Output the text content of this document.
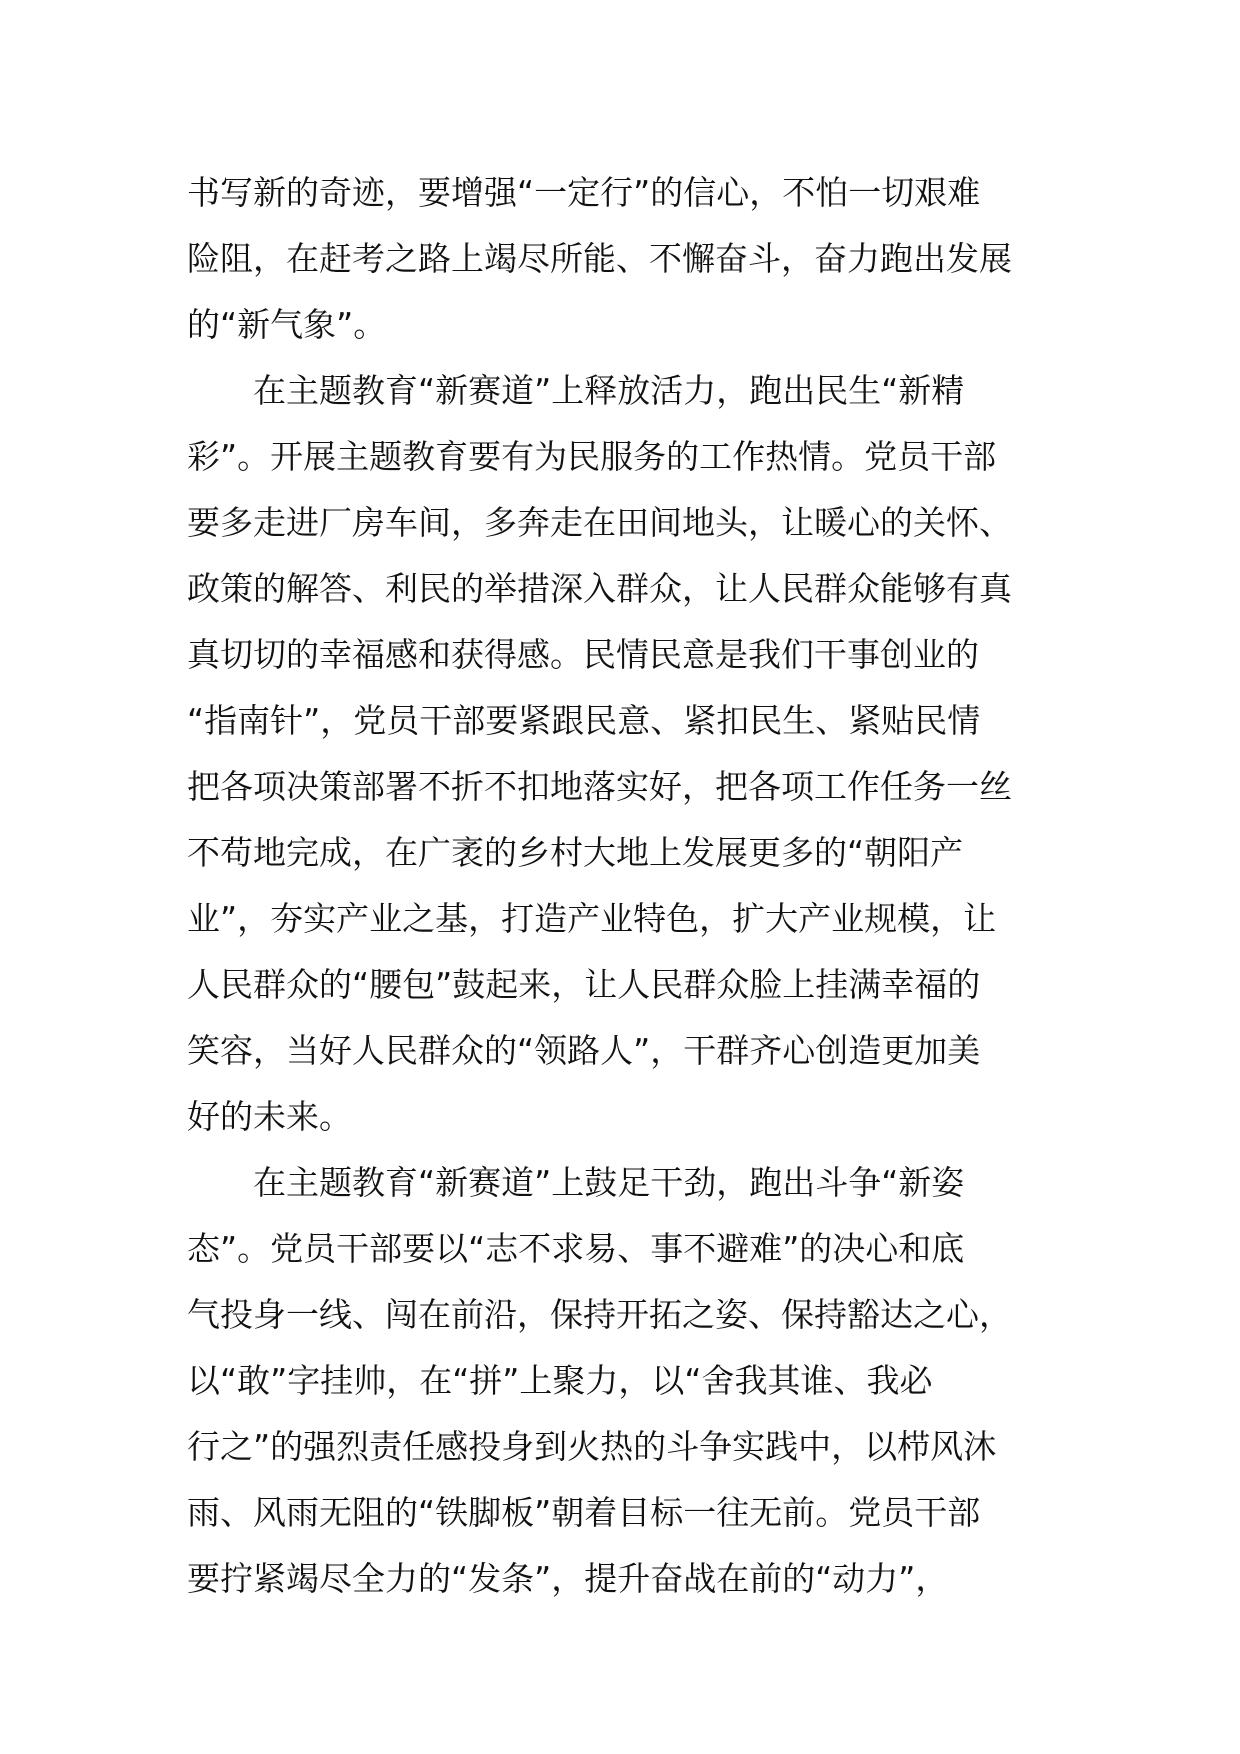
书写新的奇迹，要增强“一定行”的信心，不怕一切艰难
险阻，在赶考之路上竭尽所能、不懈奋斗，奋力跑出发展
的“新气象”。
　　在主题教育“新赛道”上释放活力，跑出民生“新精
彩”。开展主题教育要有为民服务的工作热情。党员干部
要多走进厂房车间，多奔走在田间地头，让暖心的关怀、
政策的解答、利民的举措深入群众，让人民群众能够有真
真切切的幸福感和获得感。民情民意是我们干事创业的
“指南针”，党员干部要紧跟民意、紧扣民生、紧贴民情
把各项决策部署不折不扣地落实好，把各项工作任务一丝
不苟地完成，在广袤的乡村大地上发展更多的“朝阳产
业”，夯实产业之基，打造产业特色，扩大产业规模，让
人民群众的“腰包”鼓起来，让人民群众脸上挂满幸福的
笑容，当好人民群众的“领路人”，干群齐心创造更加美
好的未来。
　　在主题教育“新赛道”上鼓足干劲，跑出斗争“新姿
态”。党员干部要以“志不求易、事不避难”的决心和底
气投身一线、闯在前沿，保持开拓之姿、保持豁达之心，
以“敢”字挂帅，在“拼”上聚力，以“舍我其谁、我必
行之”的强烈责任感投身到火热的斗争实践中，以栉风沐
雨、风雨无阻的“铁脚板”朝着目标一往无前。党员干部
要拧紧竭尽全力的“发条”，提升奋战在前的“动力”，
